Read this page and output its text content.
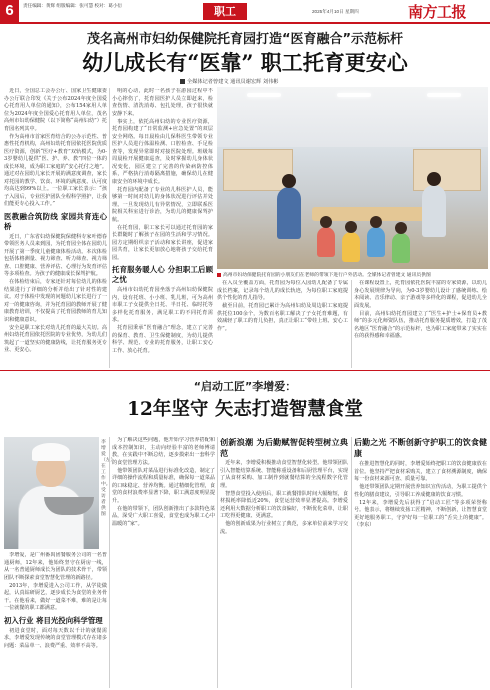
6	责任编辑：黄辉 组版编辑：张可慧 校对：葛小衍	职工	2025年4月10日 星期四	南方工报
茂名高州市妇幼保健院托育园打造“医育融合”示范标杆
幼儿成长有“医靠” 职工托育更安心
全媒体记者曾建文 通讯员谢宏辉 刘伟彬

近日，全国总工会办公厅、国家卫生健康委办公厅联合印发《关于公布2024年度全国爱心托育用人单位的通知》，公布154家用人单位为2024年度全国爱心托育用人单位，茂名高州市妇幼保健院（以下简称“高州妇幼”）托育园名列其中。

作为高州市首家医育结合的公办示范性、普惠性托育机构，高州妇幼托育园依托医院优质医疗资源，创新“医疗+教育”双轨模式，为0-3岁婴幼儿提供“医、护、养、教”四位一体的成长环境，成为职工家庭的“安心托付之地”。通过对在园幼儿家长开展的满意度调查，家长对托园的教学、饮食、环境的满意度、认可度均高达到99%以上。一位职工家长表示：“孩子入园后，专业医护团队全程科学照护，让我们能更专心投入工作。”

医教融合筑防线 家园共育连心桥

近日，广东省妇幼保健院保健科专家叶德春带领医务人员来到园，为托育园全体在园幼儿开展了第一季度儿童健康体检活动。本次体检包括体格测量、视力筛查、听力筛查、视力筛查、口腔健康、营养评估、心理行为发育评估等多项检查。为孩子的健康成长保驾护航。

在体检结束后，专家还针对每位幼儿的体检结果进行了详细的分析并给出了针对性的建议。对于体检中发现的问题幼儿家长进行了一对一的健康咨询，并为托育园的教师开展了健康教育培训，不仅提高了托育园教师的育儿知识和健康意识。

安全是职工家长对幼儿托育的最大关切。高州妇幼托育园依托医院的专业优势，为幼儿们筑起了一道坚实的健康防线，让托育服务更专业、更安心。

明的心动，此时一名孩子在游园过程中不小心摔伤了，托育园医护人员立即赶来，检查伤情、清洗消毒、包扎处理，孩子很快就安静下来。

事实上，依托高州妇幼的专业医疗资源，托育园构建了“日常监测+应急处置”的双层安全网络。每日晨检由儿保科医生带领专业医护人员进行体温检测、口腔检查、手足检查等，发现异常即时对接医院处理。班级每周晨检开展健康巡查，及时掌握幼儿身体状况变化，园区建立了完善的传染病防控体系，严格执行消毒隔离措施，确保幼儿在健康安全的环境中成长。

托育园内配备了专业的儿科医护人员，能够第一时间对幼儿的身体状况进行评估并处理。一旦发现幼儿有异常情况，立即联系医院相关科室进行诊治，为幼儿的健康保驾护航。

在托育园，职工家长可以通过托育园的家长群随时了解孩子在园的生活和学习情况。园方定期组织亲子活动和家长讲座，促进家园共育，让家长更加放心地将孩子交给托育园。

托育服务暖人心 分担职工后顾之忧

高州市妇幼托育园坐落于高州妇幼保健院内，设有托班、小小班、乳儿班，可为高州市职工子女提供全日托、半日托、临时托等多样化托育服务，满足职工的不同托育需求。

托育园秉承“医育融合”理念，建立了完善的保育、教育、卫生保健制度，为幼儿提供科学、规范、专业的托育服务，让职工安心工作、放心托育。

高州市妇幼保健院托育园的小朋友们在老师的带领下进行户外活动。全媒体记者曾建文 通讯员供图

在入员全覆盖方面，托育园为每位入园幼儿配备了专属成长档案，记录每个幼儿的成长轨迹，为每位职工家庭提供个性化的育儿指导。

截至目前，托育园已累计为高州妇幼及周边职工家庭提供托位100余个，为数百名职工解决了子女托育难题，有效减轻了职工的育儿负担，真正让职工“带娃上班、安心工作”。

在课程设置上，托育园依托医院丰富的专家资源，以幼儿身心发展规律为导向，为0-3岁婴幼儿设计了感统训练、绘本阅读、音乐律动、亲子游戏等多样化的课程，促进幼儿全面发展。

目前，高州妇幼托育园建立了“医生+护士+保育员+教师”的多元化师资队伍，推动托育服务提质增效，打造了茂名地区“医育融合”的示范标杆，也为职工家庭带来了实实在在的获得感和幸福感。

“启动工匠”李增爱：
12年坚守 矢志打造智慧食堂
李增爱（左）在工作中。受访者供图

李增爱，是广州番禺团餐服务公司的一名普通厨师，12年来，他始终坚守在厨房一线，从一名普通厨师成长为团队的技术骨干，带领团队不断探索食堂智慧化管理的新路径。

2013年，李增爱进入公司工作，从学徒做起，认真钻研厨艺，逐步成长为食堂的业务骨干。在他看来，做好一道菜不难，难的是让每一位就餐的职工都满意。

初入行业 将目光投向科学管理

初进食堂时，面对每天数以千计的就餐需求，李增爱发现传统的食堂管理模式存在诸多问题：菜品单一、浪费严重、效率不高等。

为了解决这些问题，他开始学习营养搭配和成本控制知识，主动向经验丰富的老师傅请教，在实践中不断总结，逐步摸索出一套科学的食堂管理方法。

他带领团队对菜品进行标准化改造，制定了详细的操作流程和质量标准，确保每一道菜品的口味稳定、营养均衡。通过精细化管理，食堂的食材浪费率显著下降，职工满意度明显提升。

在他的带领下，团队创新推出了多款特色菜品，深受广大职工喜爱，食堂也成为职工心中温暖的“家”。

创新浪潮 为后勤赋智促转型树立典范

近年来，李增爱积极推动食堂智慧化转型。他带领团队引入智能结算系统、智能称重设备和后厨管理平台，实现了从食材采购、加工制作到就餐结算的全流程数字化管理。

智慧食堂投入使用后，职工就餐排队时间大幅缩短，食材损耗率降低近20%，食堂运营效率显著提高。李增爱还利用大数据分析职工的饮食偏好，不断优化菜单，让职工吃得更健康、更满意。

他的创新成果为行业树立了典范，多家单位前来学习交流。

后勤之光 不断创新守护职工的饮食健康

在推进智慧化的同时，李增爱始终把职工的饮食健康放在首位。他坚持严把食材采购关，建立了食材溯源制度，确保每一份食材来源可查、质量可靠。

他还带领团队定期开展营养知识宣传活动，为职工提供个性化的膳食建议，引导职工养成健康的饮食习惯。

12年来，李增爱先后获得了“启动工匠”等多项荣誉称号。他表示，将继续发扬工匠精神，不断创新，让智慧食堂更好地服务职工，守护好每一位职工的“舌尖上的健康”。（李东）
